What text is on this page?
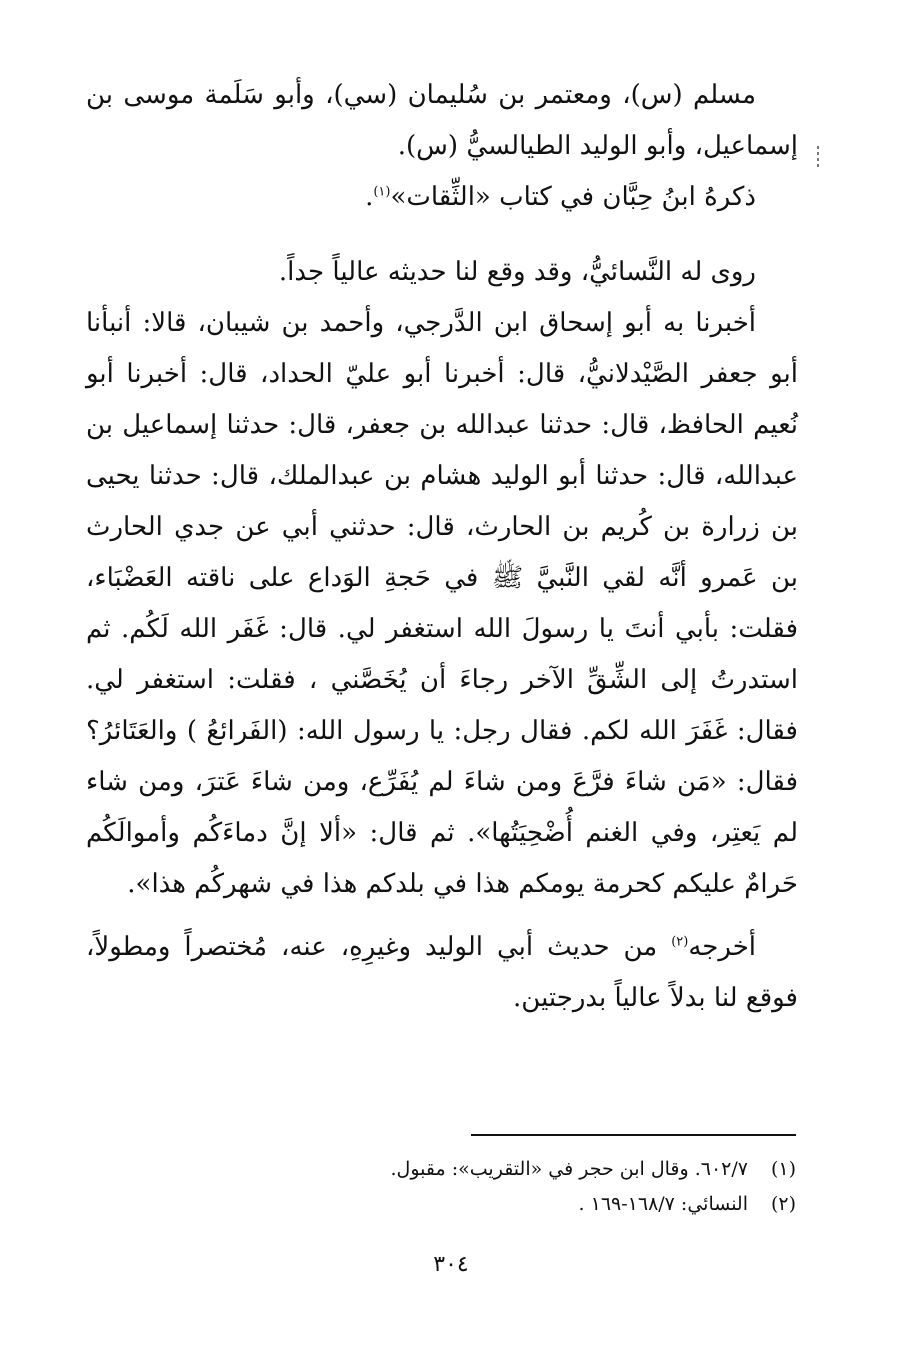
مسلم (س)، ومعتمر بن سُليمان (سي)، وأبو سَلَمة موسى بن إسماعيل، وأبو الوليد الطيالسيُّ (س).

ذكرهُ ابنُ حِبَّان في كتاب «الثِّقات»$^{(١)}$.

روى له النَّسائيُّ، وقد وقع لنا حديثه عالياً جداً.

أخبرنا به أبو إسحاق ابن الدَّرجي، وأحمد بن شيبان، قالا: أنبأنا أبو جعفر الصَّيْدلانيُّ، قال: أخبرنا أبو عليّ الحداد، قال: أخبرنا أبو نُعيم الحافظ، قال: حدثنا عبدالله بن جعفر، قال: حدثنا إسماعيل بن عبدالله، قال: حدثنا أبو الوليد هشام بن عبدالملك، قال: حدثنا يحيى بن زرارة بن كُريم بن الحارث، قال: حدثني أبي عن جدي الحارث بن عَمرو أنَّه لقي النَّبيَّ ﷺ في حَجةِ الوَداع على ناقته العَضْبَاء، فقلت: بأبي أنتَ يا رسولَ الله استغفر لي. قال: غَفَر الله لَكُم. ثم استدرتُ إلى الشِّقِّ الآخر رجاءَ أن يُخَصَّني ، فقلت: استغفر لي. فقال: غَفَرَ الله لكم. فقال رجل: يا رسول الله: (الفَرائعُ ) والعَتَائرُ؟ فقال: «مَن شاءَ فرَّعَ ومن شاءَ لم يُفَرِّع، ومن شاءَ عَترَ، ومن شاء لم يَعتِر، وفي الغنم أُضْحِيَتُها». ثم قال: «ألا إنَّ دماءَكُم وأموالَكُم حَرامٌ عليكم كحرمة يومكم هذا في بلدكم هذا في شهركُم هذا».

أخرجه$^{(٢)}$ من حديث أبي الوليد وغيرِهِ، عنه، مُختصراً ومطولاً، فوقع لنا بدلاً عالياً بدرجتين.

(١)
٦٠٢/٧. وقال ابن حجر في «التقريب»: مقبول.

(٢)
النسائي: ١٦٨/٧-١٦٩ .

٣٠٤
